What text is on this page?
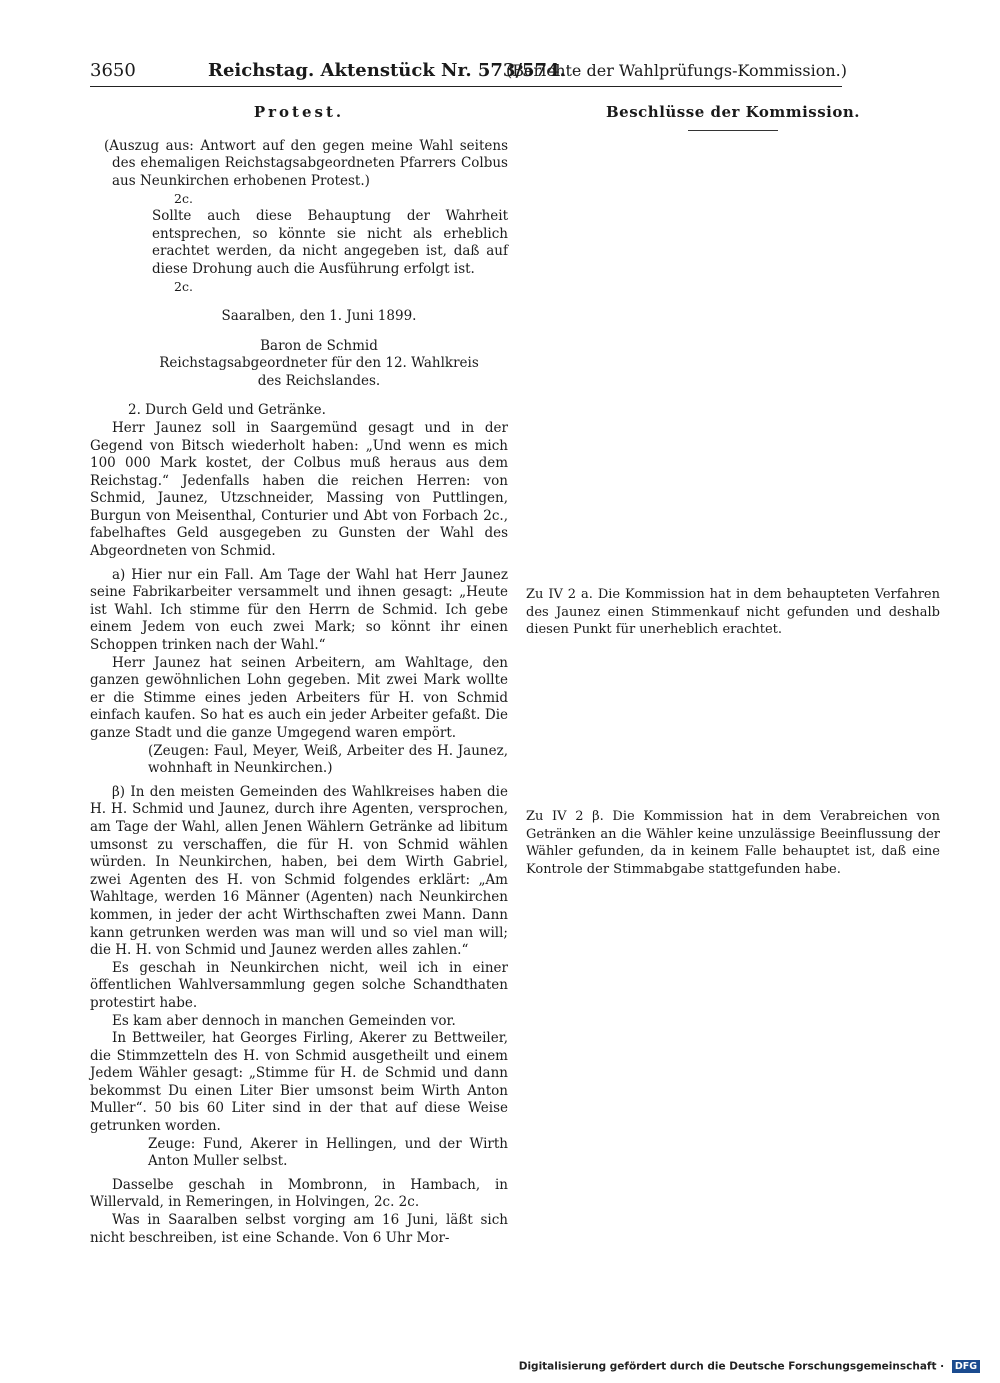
3650	Reichstag. Aktenstück Nr. 573/574.
(Berichte der Wahlprüfungs-Kommission.)
Protest.

(Auszug aus: Antwort auf den gegen meine Wahl seitens des ehemaligen Reichstagsabgeordneten Pfarrers Colbus aus Neunkirchen erhobenen Protest.)

2c.

Sollte auch diese Behauptung der Wahrheit entsprechen, so könnte sie nicht als erheblich erachtet werden, da nicht angegeben ist, daß auf diese Drohung auch die Ausführung erfolgt ist.

2c.

Saaralben, den 1. Juni 1899.

Baron de Schmid

Reichstagsabgeordneter für den 12. Wahlkreis

des Reichslandes.

2. Durch Geld und Getränke.

Herr Jaunez soll in Saargemünd gesagt und in der Gegend von Bitsch wiederholt haben: „Und wenn es mich 100 000 Mark kostet, der Colbus muß heraus aus dem Reichstag.“ Jedenfalls haben die reichen Herren: von Schmid, Jaunez, Utzschneider, Massing von Puttlingen, Burgun von Meisenthal, Conturier und Abt von Forbach 2c., fabelhaftes Geld ausgegeben zu Gunsten der Wahl des Abgeordneten von Schmid.

a) Hier nur ein Fall. Am Tage der Wahl hat Herr Jaunez seine Fabrikarbeiter versammelt und ihnen gesagt: „Heute ist Wahl. Ich stimme für den Herrn de Schmid. Ich gebe einem Jedem von euch zwei Mark; so könnt ihr einen Schoppen trinken nach der Wahl.“

Herr Jaunez hat seinen Arbeitern, am Wahltage, den ganzen gewöhnlichen Lohn gegeben. Mit zwei Mark wollte er die Stimme eines jeden Arbeiters für H. von Schmid einfach kaufen. So hat es auch ein jeder Arbeiter gefaßt. Die ganze Stadt und die ganze Umgegend waren empört.

(Zeugen: Faul, Meyer, Weiß, Arbeiter des H. Jaunez, wohnhaft in Neunkirchen.)

β) In den meisten Gemeinden des Wahlkreises haben die H. H. Schmid und Jaunez, durch ihre Agenten, versprochen, am Tage der Wahl, allen Jenen Wählern Getränke ad libitum umsonst zu verschaffen, die für H. von Schmid wählen würden. In Neunkirchen, haben, bei dem Wirth Gabriel, zwei Agenten des H. von Schmid folgendes erklärt: „Am Wahltage, werden 16 Männer (Agenten) nach Neunkirchen kommen, in jeder der acht Wirthschaften zwei Mann. Dann kann getrunken werden was man will und so viel man will; die H. H. von Schmid und Jaunez werden alles zahlen.“

Es geschah in Neunkirchen nicht, weil ich in einer öffentlichen Wahlversammlung gegen solche Schandthaten protestirt habe.

Es kam aber dennoch in manchen Gemeinden vor.

In Bettweiler, hat Georges Firling, Akerer zu Bettweiler, die Stimmzetteln des H. von Schmid ausgetheilt und einem Jedem Wähler gesagt: „Stimme für H. de Schmid und dann bekommst Du einen Liter Bier umsonst beim Wirth Anton Muller“. 50 bis 60 Liter sind in der that auf diese Weise getrunken worden.

Zeuge: Fund, Akerer in Hellingen, und der Wirth Anton Muller selbst.

Dasselbe geschah in Mombronn, in Hambach, in Willervald, in Remeringen, in Holvingen, 2c. 2c.

Was in Saaralben selbst vorging am 16 Juni, läßt sich nicht beschreiben, ist eine Schande. Von 6 Uhr Mor-

Beschlüsse der Kommission.

Zu IV 2 a. Die Kommission hat in dem behaupteten Verfahren des Jaunez einen Stimmenkauf nicht gefunden und deshalb diesen Punkt für unerheblich erachtet.

Zu IV 2 β. Die Kommission hat in dem Verabreichen von Getränken an die Wähler keine unzulässige Beeinflussung der Wähler gefunden, da in keinem Falle behauptet ist, daß eine Kontrole der Stimmabgabe stattgefunden habe.

Digitalisierung gefördert durch die Deutsche Forschungsgemeinschaft · DFG
